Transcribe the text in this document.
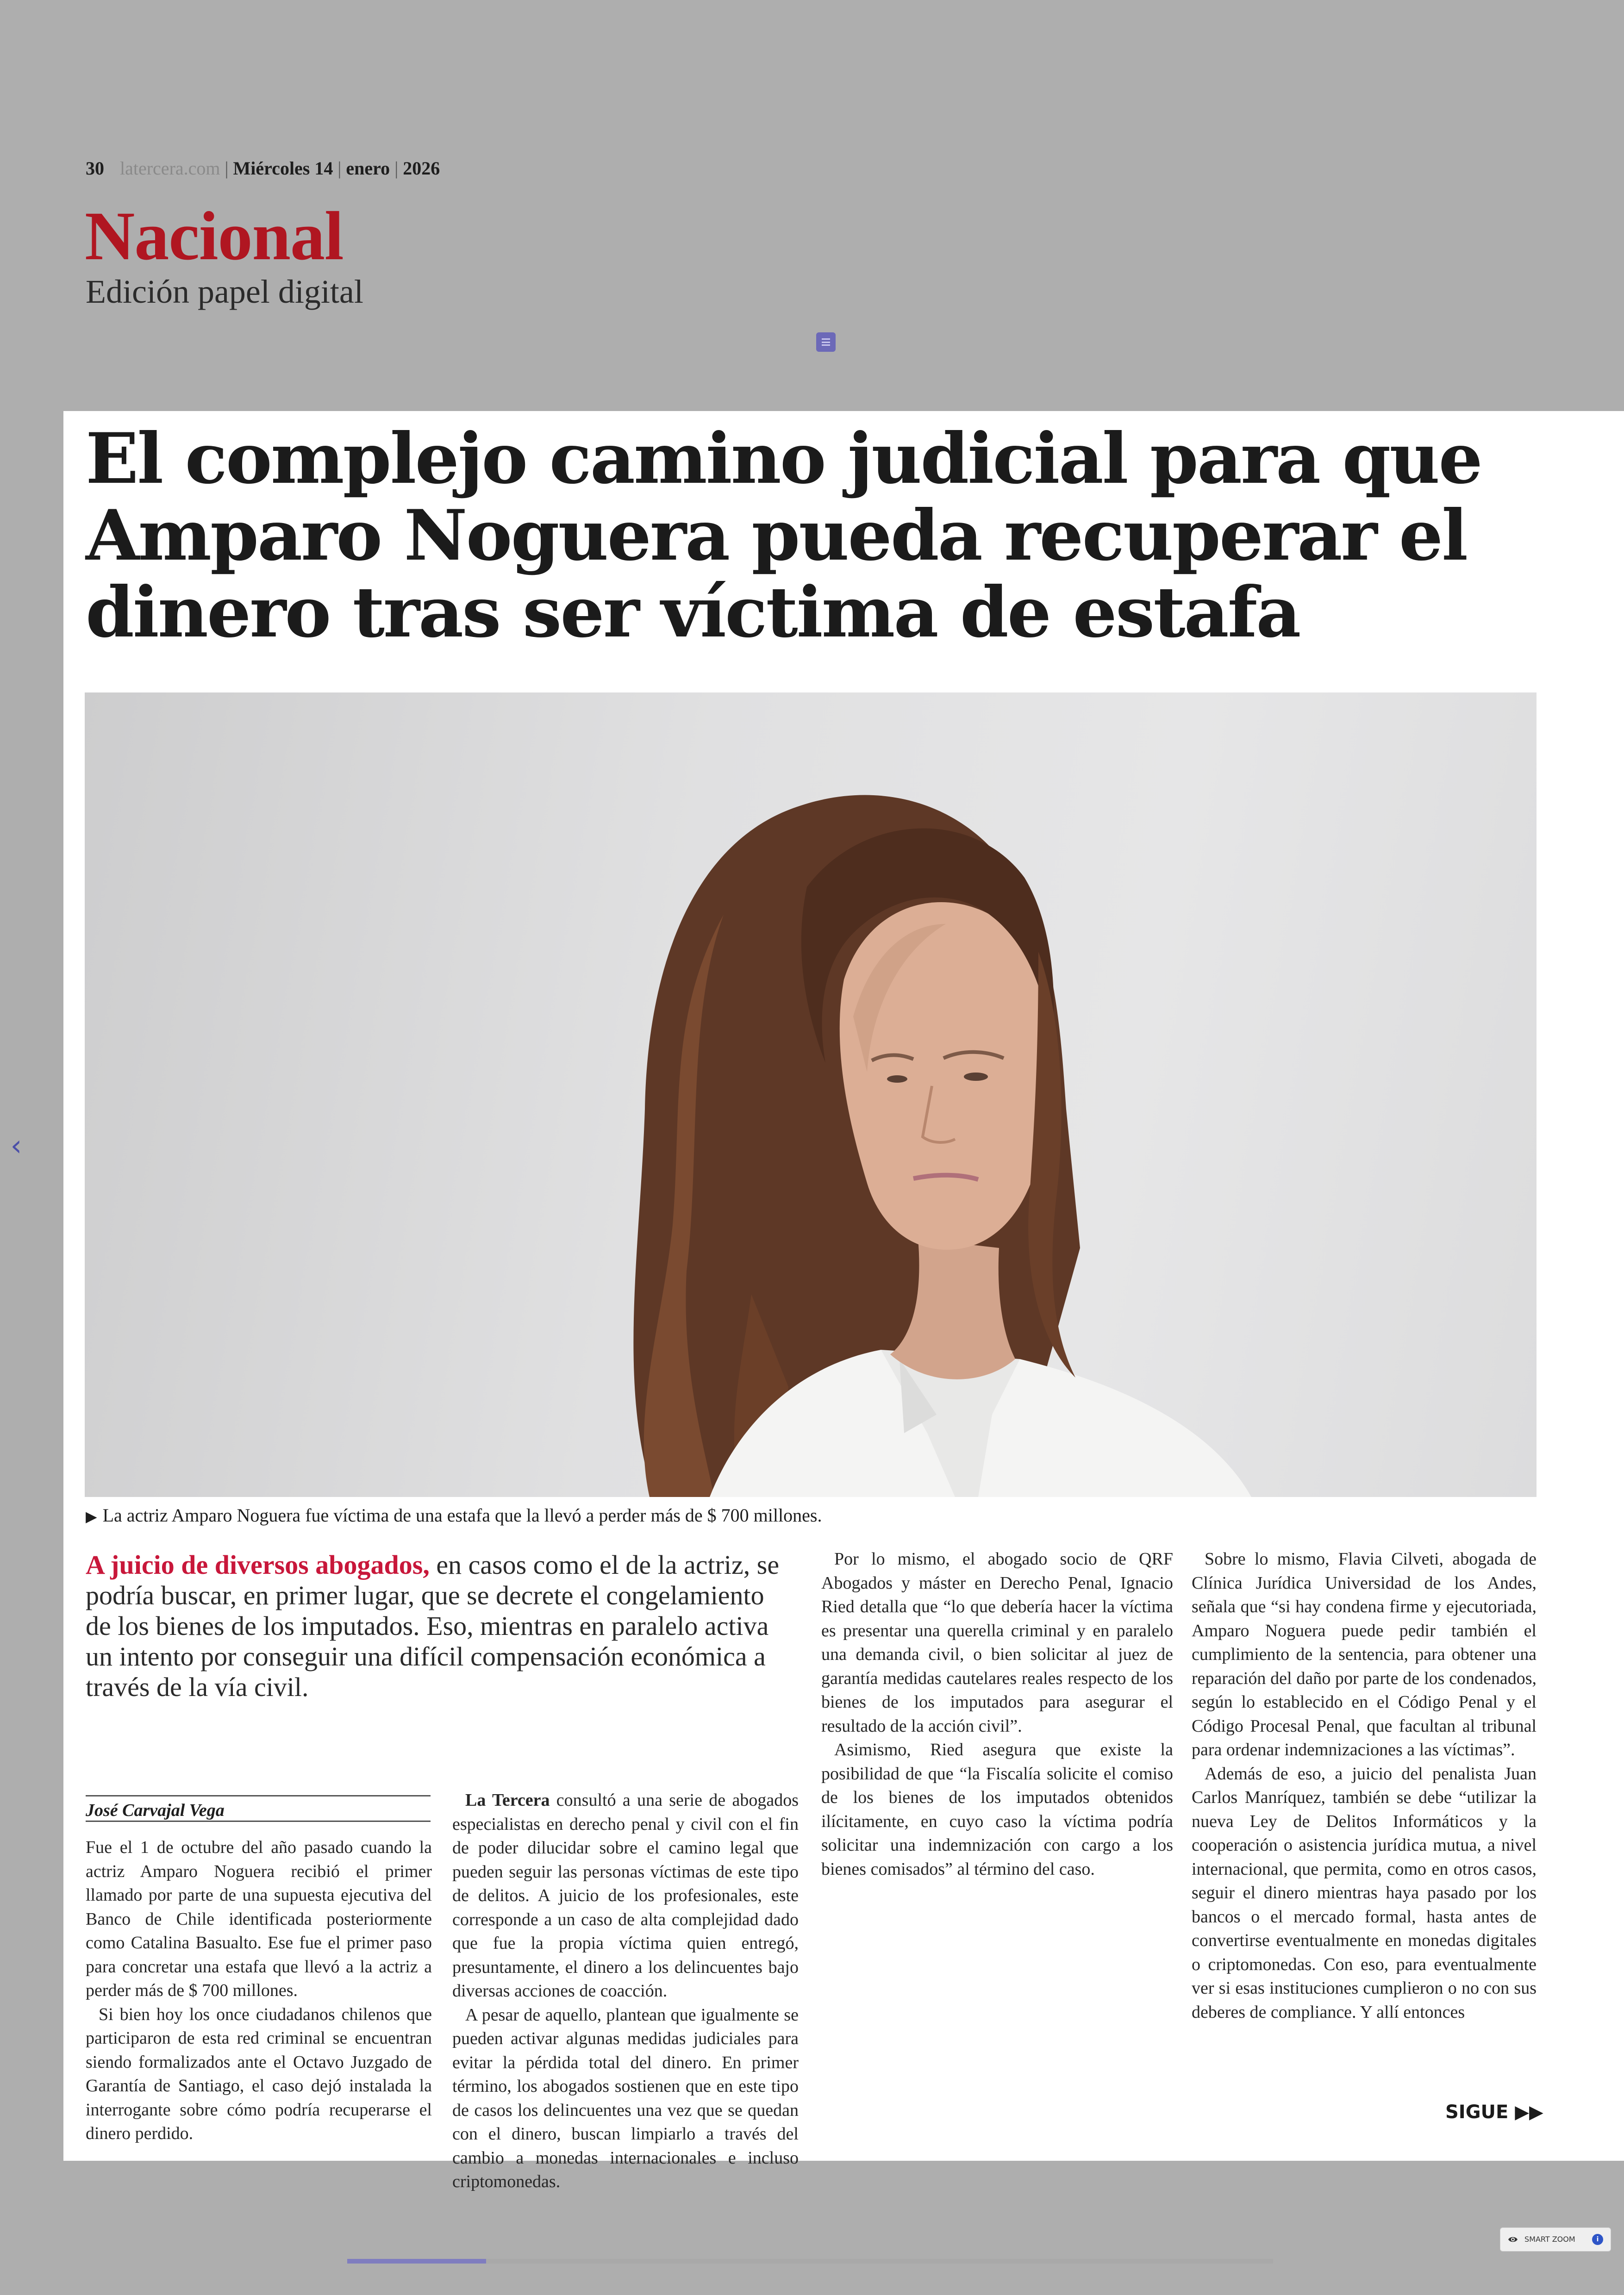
30 latercera.com | Miércoles 14 | enero | 2026
Nacional
Edición papel digital
‹
El complejo camino judicial para que Amparo Noguera pueda recuperar el dinero tras ser víctima de estafa
▶ La actriz Amparo Noguera fue víctima de una estafa que la llevó a perder más de $ 700 millones.
A juicio de diversos abogados, en casos como el de la actriz, se podría buscar, en primer lugar, que se decrete el congelamiento de los bienes de los imputados. Eso, mientras en paralelo activa un intento por conseguir una difícil compensación económica a través de la vía civil.
José Carvajal Vega

Fue el 1 de octubre del año pasado cuando la actriz Amparo Noguera recibió el primer llamado por parte de una supuesta ejecutiva del Banco de Chile identificada posteriormente como Catalina Basualto. Ese fue el primer paso para concretar una estafa que llevó a la actriz a perder más de $ 700 millones.

Si bien hoy los once ciudadanos chilenos que participaron de esta red criminal se encuentran siendo formalizados ante el Octavo Juzgado de Garantía de Santiago, el caso dejó instalada la interrogante sobre cómo podría recuperarse el dinero perdido.

La Tercera consultó a una serie de abogados especialistas en derecho penal y civil con el fin de poder dilucidar sobre el camino legal que pueden seguir las personas víctimas de este tipo de delitos. A juicio de los profesionales, este corresponde a un caso de alta complejidad dado que fue la propia víctima quien entregó, presuntamente, el dinero a los delincuentes bajo diversas acciones de coacción.

A pesar de aquello, plantean que igualmente se pueden activar algunas medidas judiciales para evitar la pérdida total del dinero. En primer término, los abogados sostienen que en este tipo de casos los delincuentes una vez que se quedan con el dinero, buscan limpiarlo a través del cambio a monedas internacionales e incluso criptomonedas.

Por lo mismo, el abogado socio de QRF Abogados y máster en Derecho Penal, Ignacio Ried detalla que “lo que debería hacer la víctima es presentar una querella criminal y en paralelo una demanda civil, o bien solicitar al juez de garantía medidas cautelares reales respecto de los bienes de los imputados para asegurar el resultado de la acción civil”.

Asimismo, Ried asegura que existe la posibilidad de que “la Fiscalía solicite el comiso de los bienes de los imputados obtenidos ilícitamente, en cuyo caso la víctima podría solicitar una indemnización con cargo a los bienes comisados” al término del caso.

Sobre lo mismo, Flavia Cilveti, abogada de Clínica Jurídica Universidad de los Andes, señala que “si hay condena firme y ejecutoriada, Amparo Noguera puede pedir también el cumplimiento de la sentencia, para obtener una reparación del daño por parte de los condenados, según lo establecido en el Código Penal y el Código Procesal Penal, que facultan al tribunal para ordenar indemnizaciones a las víctimas”.

Además de eso, a juicio del penalista Juan Carlos Manríquez, también se debe “utilizar la nueva Ley de Delitos Informáticos y la cooperación o asistencia jurídica mutua, a nivel internacional, que permita, como en otros casos, seguir el dinero mientras haya pasado por los bancos o el mercado formal, hasta antes de convertirse eventualmente en monedas digitales o criptomonedas. Con eso, para eventualmente ver si esas instituciones cumplieron o no con sus deberes de compliance. Y allí entonces

SIGUE ▶▶
SMART ZOOM	i
